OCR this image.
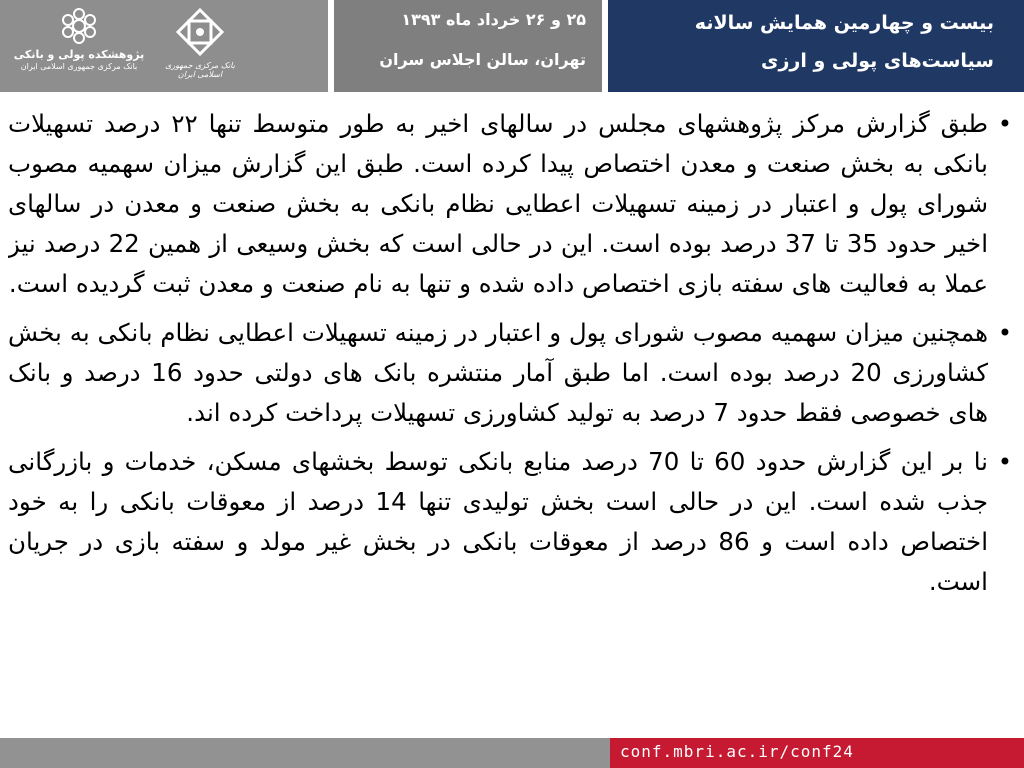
پژوهشکده پولی و بانکی
بانک مرکزی جمهوری اسلامی ایران	بانک مرکزی جمهوری اسلامی ایران
۲۵ و ۲۶ خرداد ماه ۱۳۹۳
تهران، سالن اجلاس سران
بیست و چهارمین همایش سالانه
سیاست‌های پولی و ارزی
•
طبق گزارش مرکز پژوهشهای مجلس در سالهای اخیر به طور متوسط تنها ۲۲ درصد تسهیلات بانکی به بخش صنعت و معدن اختصاص پیدا کرده است. طبق این گزارش میزان سهمیه مصوب شورای پول و اعتبار در زمینه تسهیلات اعطایی نظام بانکی به بخش صنعت و معدن در سالهای اخیر حدود 35 تا 37 درصد بوده است. این در حالی است که بخش وسیعی از همین 22 درصد نیز عملا به فعالیت های سفته بازی اختصاص داده شده و تنها به نام صنعت و معدن ثبت گردیده است.
•
همچنین میزان سهمیه مصوب شورای پول و اعتبار در زمینه تسهیلات اعطایی نظام بانکی به بخش کشاورزی 20 درصد بوده است. اما طبق آمار منتشره بانک های دولتی حدود 16 درصد و بانک های خصوصی فقط حدود 7 درصد به تولید کشاورزی تسهیلات پرداخت کرده اند.
•
نا بر این گزارش حدود 60 تا 70 درصد منابع بانکی توسط بخشهای مسکن، خدمات و بازرگانی جذب شده است. این در حالی است بخش تولیدی تنها 14 درصد از معوقات بانکی را به خود اختصاص داده است و 86 درصد از معوقات بانکی در بخش غیر مولد و سفته بازی در جریان است.
conf.mbri.ac.ir/conf24
